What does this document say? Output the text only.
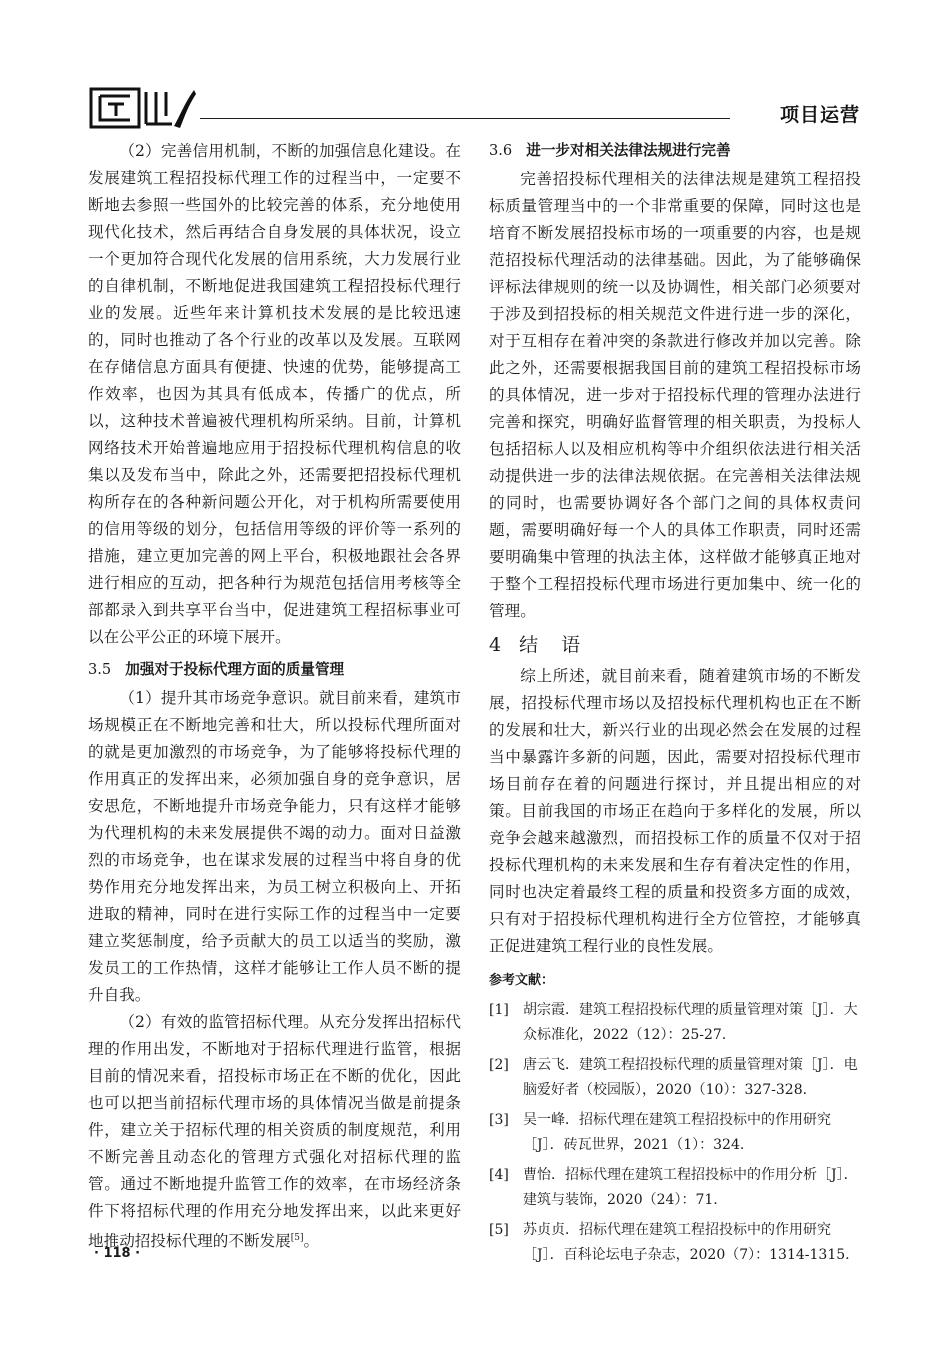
项目运营

（2）完善信用机制，不断的加强信息化建设。在发展建筑工程招投标代理工作的过程当中，一定要不断地去参照一些国外的比较完善的体系，充分地使用现代化技术，然后再结合自身发展的具体状况，设立一个更加符合现代化发展的信用系统，大力发展行业的自律机制，不断地促进我国建筑工程招投标代理行业的发展。近些年来计算机技术发展的是比较迅速的，同时也推动了各个行业的改革以及发展。互联网在存储信息方面具有便捷、快速的优势，能够提高工作效率，也因为其具有低成本，传播广的优点，所以，这种技术普遍被代理机构所采纳。目前，计算机网络技术开始普遍地应用于招投标代理机构信息的收集以及发布当中，除此之外，还需要把招投标代理机构所存在的各种新问题公开化，对于机构所需要使用的信用等级的划分，包括信用等级的评价等一系列的措施，建立更加完善的网上平台，积极地跟社会各界进行相应的互动，把各种行为规范包括信用考核等全部都录入到共享平台当中，促进建筑工程招标事业可以在公平公正的环境下展开。

3.5 加强对于投标代理方面的质量管理

（1）提升其市场竞争意识。就目前来看，建筑市场规模正在不断地完善和壮大，所以投标代理所面对的就是更加激烈的市场竞争，为了能够将投标代理的作用真正的发挥出来，必须加强自身的竞争意识，居安思危，不断地提升市场竞争能力，只有这样才能够为代理机构的未来发展提供不竭的动力。面对日益激烈的市场竞争，也在谋求发展的过程当中将自身的优势作用充分地发挥出来，为员工树立积极向上、开拓进取的精神，同时在进行实际工作的过程当中一定要建立奖惩制度，给予贡献大的员工以适当的奖励，激发员工的工作热情，这样才能够让工作人员不断的提升自我。

（2）有效的监管招标代理。从充分发挥出招标代理的作用出发，不断地对于招标代理进行监管，根据目前的情况来看，招投标市场正在不断的优化，因此也可以把当前招标代理市场的具体情况当做是前提条件，建立关于招标代理的相关资质的制度规范，利用不断完善且动态化的管理方式强化对招标代理的监管。通过不断地提升监管工作的效率，在市场经济条件下将招标代理的作用充分地发挥出来，以此来更好地推动招投标代理的不断发展[5]。

3.6 进一步对相关法律法规进行完善

完善招投标代理相关的法律法规是建筑工程招投标质量管理当中的一个非常重要的保障，同时这也是培育不断发展招投标市场的一项重要的内容，也是规范招投标代理活动的法律基础。因此，为了能够确保评标法律规则的统一以及协调性，相关部门必须要对于涉及到招投标的相关规范文件进行进一步的深化，对于互相存在着冲突的条款进行修改并加以完善。除此之外，还需要根据我国目前的建筑工程招投标市场的具体情况，进一步对于招投标代理的管理办法进行完善和探究，明确好监督管理的相关职责，为投标人包括招标人以及相应机构等中介组织依法进行相关活动提供进一步的法律法规依据。在完善相关法律法规的同时，也需要协调好各个部门之间的具体权责问题，需要明确好每一个人的具体工作职责，同时还需要明确集中管理的执法主体，这样做才能够真正地对于整个工程招投标代理市场进行更加集中、统一化的管理。

4 结　语

综上所述，就目前来看，随着建筑市场的不断发展，招投标代理市场以及招投标代理机构也正在不断的发展和壮大，新兴行业的出现必然会在发展的过程当中暴露许多新的问题，因此，需要对招投标代理市场目前存在着的问题进行探讨，并且提出相应的对策。目前我国的市场正在趋向于多样化的发展，所以竞争会越来越激烈，而招投标工作的质量不仅对于招投标代理机构的未来发展和生存有着决定性的作用，同时也决定着最终工程的质量和投资多方面的成效，只有对于招投标代理机构进行全方位管控，才能够真正促进建筑工程行业的良性发展。

参考文献：

[1] 胡宗霞．建筑工程招投标代理的质量管理对策［J］．大众标准化，2022（12）：25-27.

[2] 唐云飞．建筑工程招投标代理的质量管理对策［J］．电脑爱好者（校园版），2020（10）：327-328.

[3] 吴一峰．招标代理在建筑工程招投标中的作用研究［J］．砖瓦世界，2021（1）：324.

[4] 曹怡．招标代理在建筑工程招投标中的作用分析［J］．建筑与装饰，2020（24）：71.

[5] 苏贞贞．招标代理在建筑工程招投标中的作用研究［J］．百科论坛电子杂志，2020（7）：1314-1315.

· 118 ·
